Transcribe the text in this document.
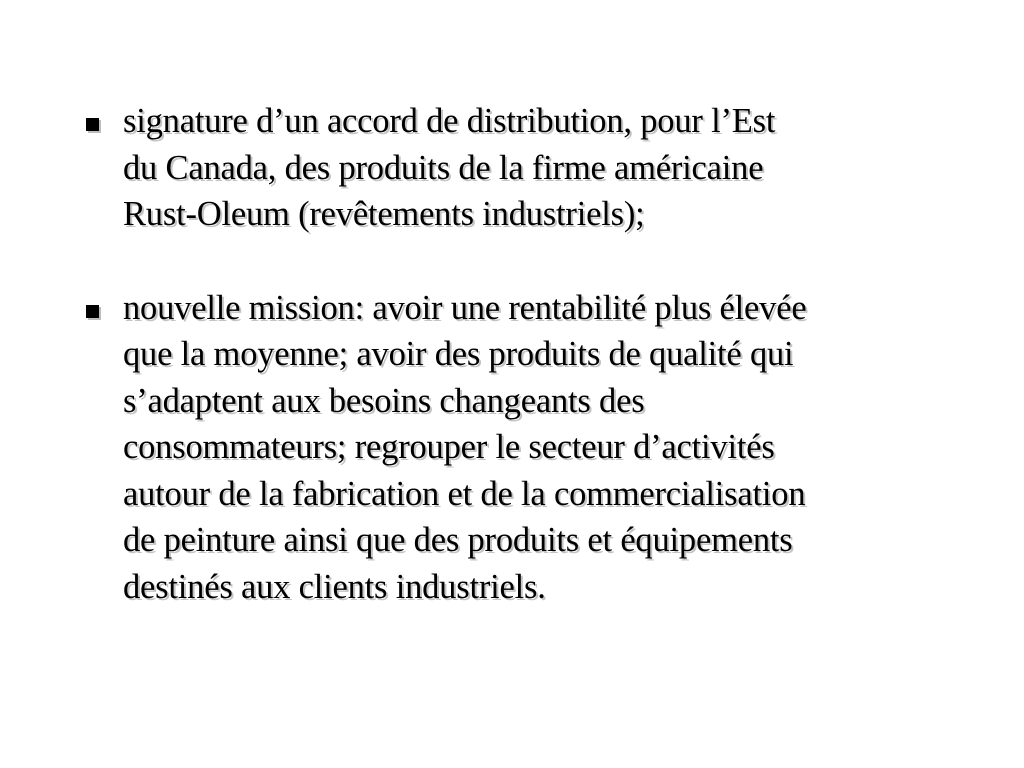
signature d’un accord de distribution, pour l’Est
du Canada, des produits de la firme américaine
Rust-Oleum (revêtements industriels);
nouvelle mission: avoir une rentabilité plus élevée
que la moyenne; avoir des produits de qualité qui
s’adaptent aux besoins changeants des
consommateurs; regrouper le secteur d’activités
autour de la fabrication et de la commercialisation
de peinture ainsi que des produits et équipements
destinés aux clients industriels.
